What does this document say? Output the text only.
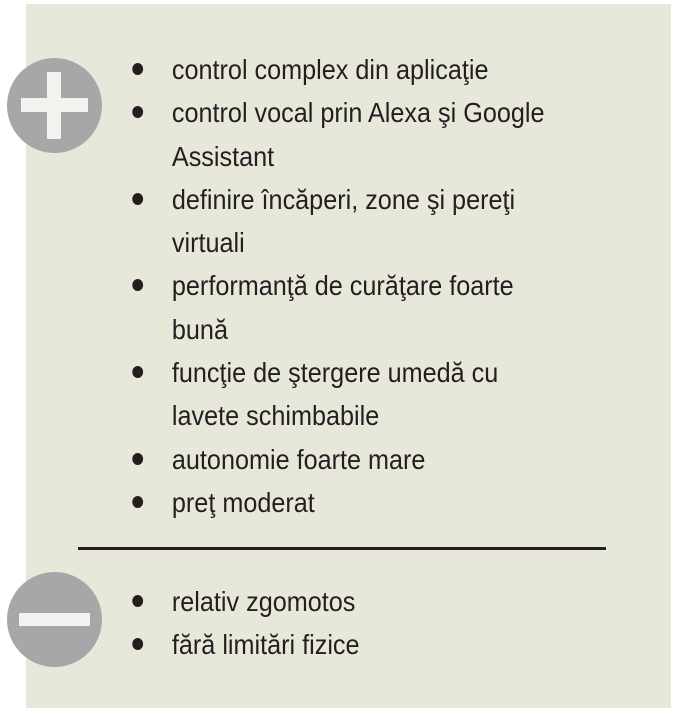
control complex din aplicaţie
control vocal prin Alexa şi Google
Assistant
definire încăperi, zone şi pereţi
virtuali
performanţă de curăţare foarte
bună
funcţie de ştergere umedă cu
lavete schimbabile
autonomie foarte mare
preţ moderat
relativ zgomotos
fără limitări fizice
